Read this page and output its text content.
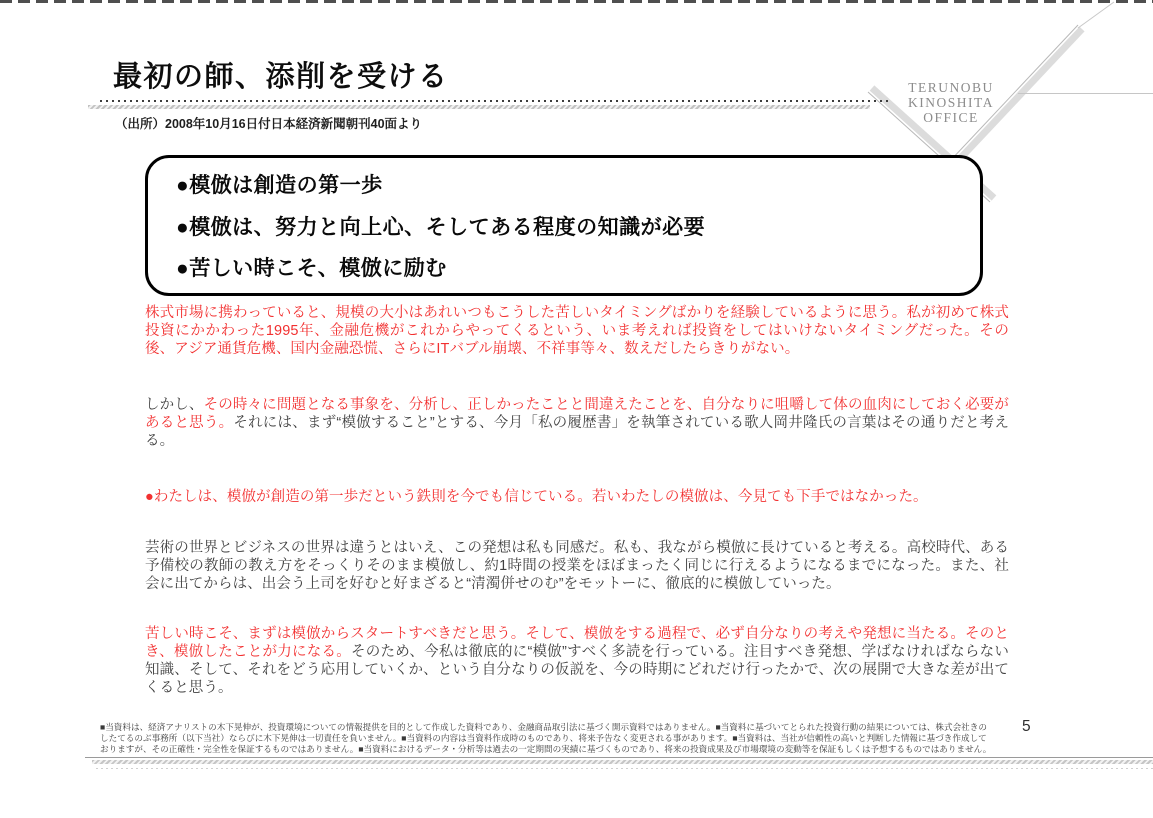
最初の師、添削を受ける
（出所）2008年10月16日付日本経済新聞朝刊40面より
TERUNOBU
KINOSHITA
OFFICE
●模倣は創造の第一歩
●模倣は、努力と向上心、そしてある程度の知識が必要
●苦しい時こそ、模倣に励む

株式市場に携わっていると、規模の大小はあれいつもこうした苦しいタイミングばかりを経験しているように思う。私が初めて株式投資にかかわった1995年、金融危機がこれからやってくるという、いま考えれば投資をしてはいけないタイミングだった。その後、アジア通貨危機、国内金融恐慌、さらにITバブル崩壊、不祥事等々、数えだしたらきりがない。

しかし、その時々に問題となる事象を、分析し、正しかったことと間違えたことを、自分なりに咀嚼して体の血肉にしておく必要があると思う。それには、まず“模倣すること”とする、今月「私の履歴書」を執筆されている歌人岡井隆氏の言葉はその通りだと考える。

●わたしは、模倣が創造の第一歩だという鉄則を今でも信じている。若いわたしの模倣は、今見ても下手ではなかった。

芸術の世界とビジネスの世界は違うとはいえ、この発想は私も同感だ。私も、我ながら模倣に長けていると考える。高校時代、ある予備校の教師の教え方をそっくりそのまま模倣し、約1時間の授業をほぼまったく同じに行えるようになるまでになった。また、社会に出てからは、出会う上司を好むと好まざると“清濁併せのむ”をモットーに、徹底的に模倣していった。

苦しい時こそ、まずは模倣からスタートすべきだと思う。そして、模倣をする過程で、必ず自分なりの考えや発想に当たる。そのとき、模倣したことが力になる。そのため、今私は徹底的に“模倣”すべく多読を行っている。注目すべき発想、学ばなければならない知識、そして、それをどう応用していくか、という自分なりの仮説を、今の時期にどれだけ行ったかで、次の展開で大きな差が出てくると思う。

■当資料は、経済アナリストの木下晃伸が、投資環境についての情報提供を目的として作成した資料であり、金融商品取引法に基づく開示資料ではありません。■当資料に基づいてとられた投資行動の結果については、株式会社きの
したてるのぶ事務所（以下当社）ならびに木下晃伸は一切責任を負いません。■当資料の内容は当資料作成時のものであり、将来予告なく変更される事があります。■当資料は、当社が信頼性の高いと判断した情報に基づき作成して
おりますが、その正確性・完全性を保証するものではありません。■当資料におけるデータ・分析等は過去の一定期間の実績に基づくものであり、将来の投資成果及び市場環境の変動等を保証もしくは予想するものではありません。
5
